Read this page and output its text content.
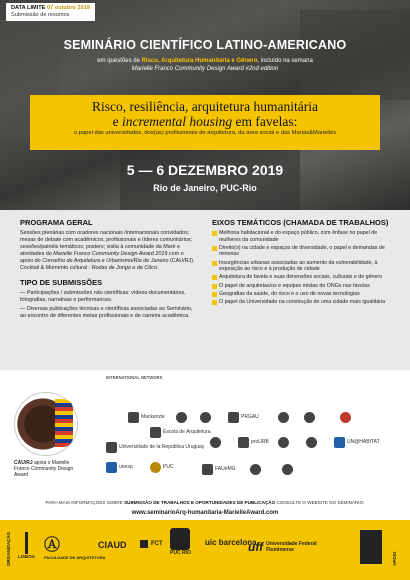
DATA LIMITE 07 outubro 2019
Submissão de resumos
SEMINÁRIO CIENTÍFICO LATINO-AMERICANO
em questões de Risco, Arquitetura Humanitária e Gênero, incluído na semana
Marielle Franco Community Design Award #2nd edition
Risco, resiliência, arquitetura humanitária
e incremental housing em favelas:
o papel das universidades, dos(as) profissionais de arquitetura, da área social e das Marias&Marielles
5 — 6 DEZEMBRO 2019
Rio de Janeiro, PUC-Rio
PROGRAMA GERAL

Sessões plenárias com oradores nacionais /internacionais convidados; mesas de debate com acadêmicos, profissionais e líderes comunitários; sessões/painéis temáticos; posters; visita à comunidade da Maré e atividades do Marielle Franco Community Design Award 2019 com o apoio do Conselho de Arquitetura e Urbanismo/Rio de Janeiro (CAU/RJ). Cocktail & Momento cultural : Rodas de Jongo e de Côco.

TIPO DE SUBMISSÕES

— Participações / submissões não científicas: vídeos-documentários, fotografias, narrativas e performances.

— Diversas publicações técnicas e científicas associadas ao Seminário, ao encontro de diferentes metas profissionais e de carreira acadêmica.

EIXOS TEMÁTICOS (CHAMADA DE TRABALHOS)
Melhoria habitacional e do espaço público, com ênfase no papel de mulheres da comunidade
Direito(s) na cidade e espaços de diversidade, o papel e demandas de minorias
Insurgências urbanas associadas ao aumento da vulnerabilidade, à exposição ao risco e à produção de cidade
Arquitetura de favela e suas dimensões sociais, culturais e de gênero
O papel de arquitetas/os e equipes mistas de ONGs nas favelas
Geografias da saúde, do risco e o uso de novas tecnologias
O papel da Universidade na construção de uma cidade mais igualitária
CAU/RJ apoia o Marielle Franco Community Design Award
INTERNATIONAL NETWORK
Mackenzie	PRGAU
UN@HABITAT
unesp	PUC
proURB
Escola de Arquitetura
Universidade de la República Uruguay
FAUeMG
PARA MAIS INFORMAÇÕES SOBRE SUBMISSÃO DE TRABALHOS E OPORTUNIDADES DE PUBLICAÇÃO CONSULTE O WEBSITE DO SEMINÁRIO:
www.seminarioArq-humanitaria-MarielleAward.com
ORGANIZAÇÃO	APOIO
LISBOA
Ⓐ
FACULDADE DE ARQUITETURA
CIAUD	FCT
PUC RIO
uic barcelona
uff Universidade Federal Fluminense
